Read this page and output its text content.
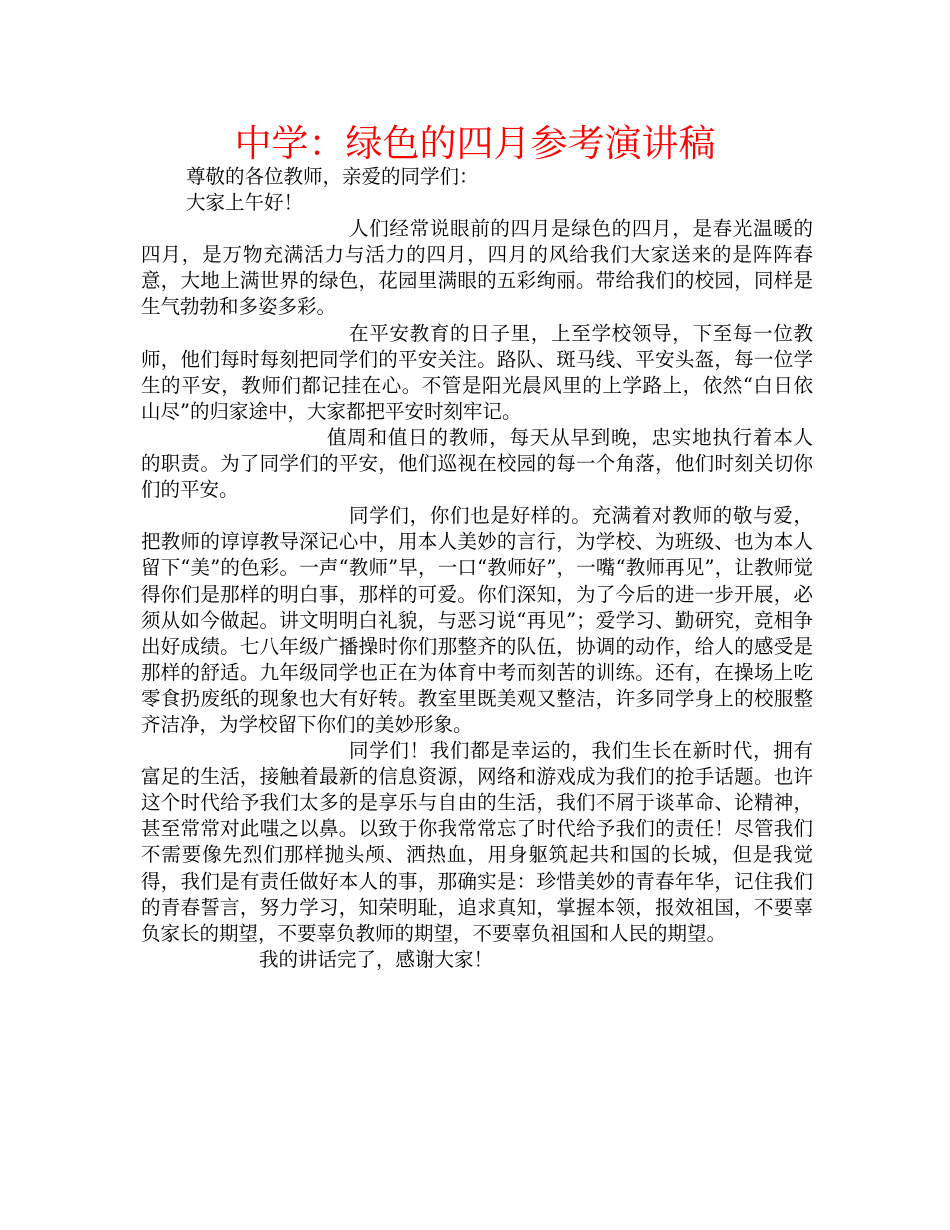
中学：绿色的四月参考演讲稿

尊敬的各位教师，亲爱的同学们：

大家上午好！

人们经常说眼前的四月是绿色的四月，是春光温暖的四月，是万物充满活力与活力的四月，四月的风给我们大家送来的是阵阵春意，大地上满世界的绿色，花园里满眼的五彩绚丽。带给我们的校园，同样是生气勃勃和多姿多彩。

在平安教育的日子里，上至学校领导，下至每一位教师，他们每时每刻把同学们的平安关注。路队、斑马线、平安头盔，每一位学生的平安，教师们都记挂在心。不管是阳光晨风里的上学路上，依然“白日依山尽”的归家途中，大家都把平安时刻牢记。

值周和值日的教师，每天从早到晚，忠实地执行着本人的职责。为了同学们的平安，他们巡视在校园的每一个角落，他们时刻关切你们的平安。

同学们，你们也是好样的。充满着对教师的敬与爱，把教师的谆谆教导深记心中，用本人美妙的言行，为学校、为班级、也为本人留下“美”的色彩。一声“教师”早，一口“教师好”，一嘴“教师再见”，让教师觉得你们是那样的明白事，那样的可爱。你们深知，为了今后的进一步开展，必须从如今做起。讲文明明白礼貌，与恶习说“再见”；爱学习、勤研究，竞相争出好成绩。七八年级广播操时你们那整齐的队伍，协调的动作，给人的感受是那样的舒适。九年级同学也正在为体育中考而刻苦的训练。还有，在操场上吃零食扔废纸的现象也大有好转。教室里既美观又整洁，许多同学身上的校服整齐洁净，为学校留下你们的美妙形象。

同学们！我们都是幸运的，我们生长在新时代，拥有富足的生活，接触着最新的信息资源，网络和游戏成为我们的抢手话题。也许这个时代给予我们太多的是享乐与自由的生活，我们不屑于谈革命、论精神，甚至常常对此嗤之以鼻。以致于你我常常忘了时代给予我们的责任！尽管我们不需要像先烈们那样抛头颅、洒热血，用身躯筑起共和国的长城，但是我觉得，我们是有责任做好本人的事，那确实是：珍惜美妙的青春年华，记住我们的青春誓言，努力学习，知荣明耻，追求真知，掌握本领，报效祖国，不要辜负家长的期望，不要辜负教师的期望，不要辜负祖国和人民的期望。

我的讲话完了，感谢大家！
